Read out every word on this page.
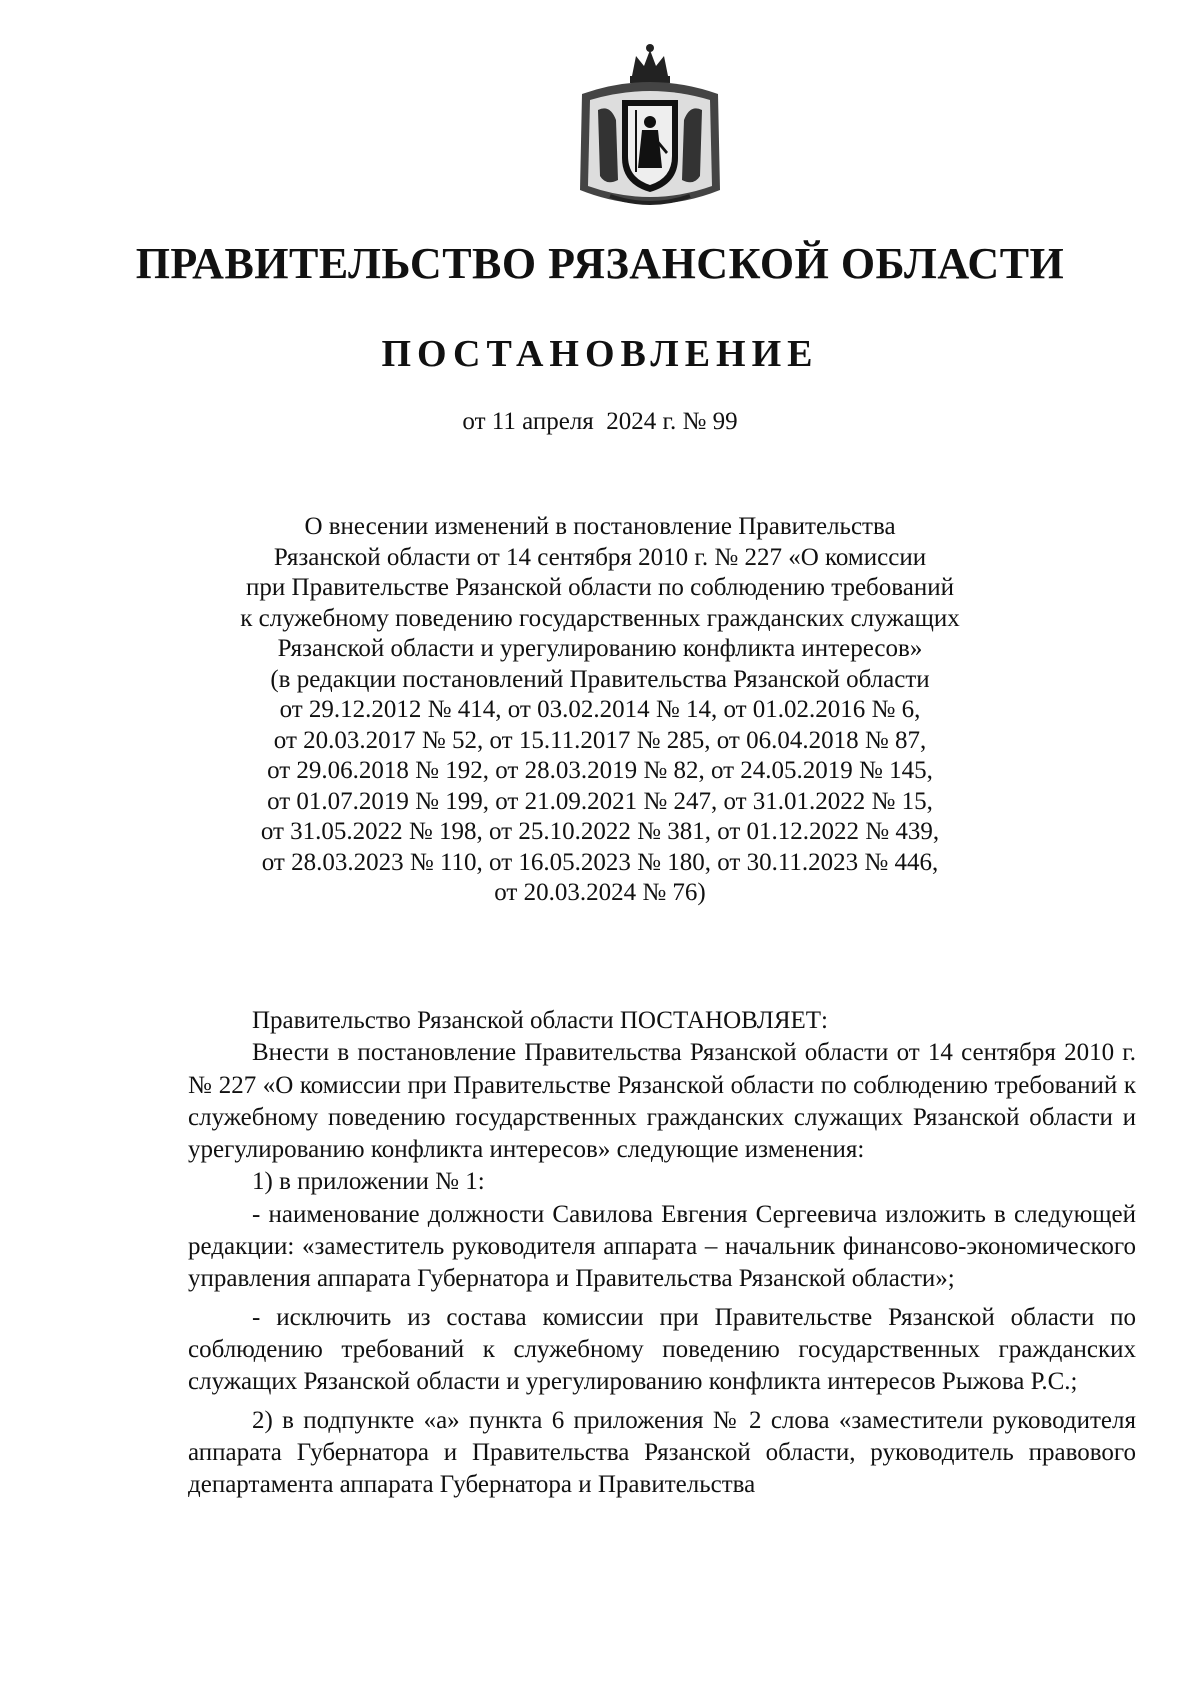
ПРАВИТЕЛЬСТВО РЯЗАНСКОЙ ОБЛАСТИ
ПОСТАНОВЛЕНИЕ
от 11 апреля  2024 г. № 99
О внесении изменений в постановление Правительства
Рязанской области от 14 сентября 2010 г. № 227 «О комиссии
при Правительстве Рязанской области по соблюдению требований
к служебному поведению государственных гражданских служащих
Рязанской области и урегулированию конфликта интересов»
(в редакции постановлений Правительства Рязанской области
от 29.12.2012 № 414, от 03.02.2014 № 14, от 01.02.2016 № 6,
от 20.03.2017 № 52, от 15.11.2017 № 285, от 06.04.2018 № 87,
от 29.06.2018 № 192, от 28.03.2019 № 82, от 24.05.2019 № 145,
от 01.07.2019 № 199, от 21.09.2021 № 247, от 31.01.2022 № 15,
от 31.05.2022 № 198, от 25.10.2022 № 381, от 01.12.2022 № 439,
от 28.03.2023 № 110, от 16.05.2023 № 180, от 30.11.2023 № 446,
от 20.03.2024 № 76)

Правительство Рязанской области ПОСТАНОВЛЯЕТ:

Внести в постановление Правительства Рязанской области от 14 сентября 2010 г. № 227 «О комиссии при Правительстве Рязанской области по соблюдению требований к служебному поведению государственных гражданских служащих Рязанской области и урегулированию конфликта интересов» следующие изменения:

1) в приложении № 1:

- наименование должности Савилова Евгения Сергеевича изложить в следующей редакции: «заместитель руководителя аппарата – начальник финансово-экономического управления аппарата Губернатора и Правительства Рязанской области»;

- исключить из состава комиссии при Правительстве Рязанской области по соблюдению требований к служебному поведению государственных гражданских служащих Рязанской области и урегулированию конфликта интересов Рыжова Р.С.;

2) в подпункте «а» пункта 6 приложения № 2 слова «заместители руководителя аппарата Губернатора и Правительства Рязанской области, руководитель правового департамента аппарата Губернатора и Правительства
